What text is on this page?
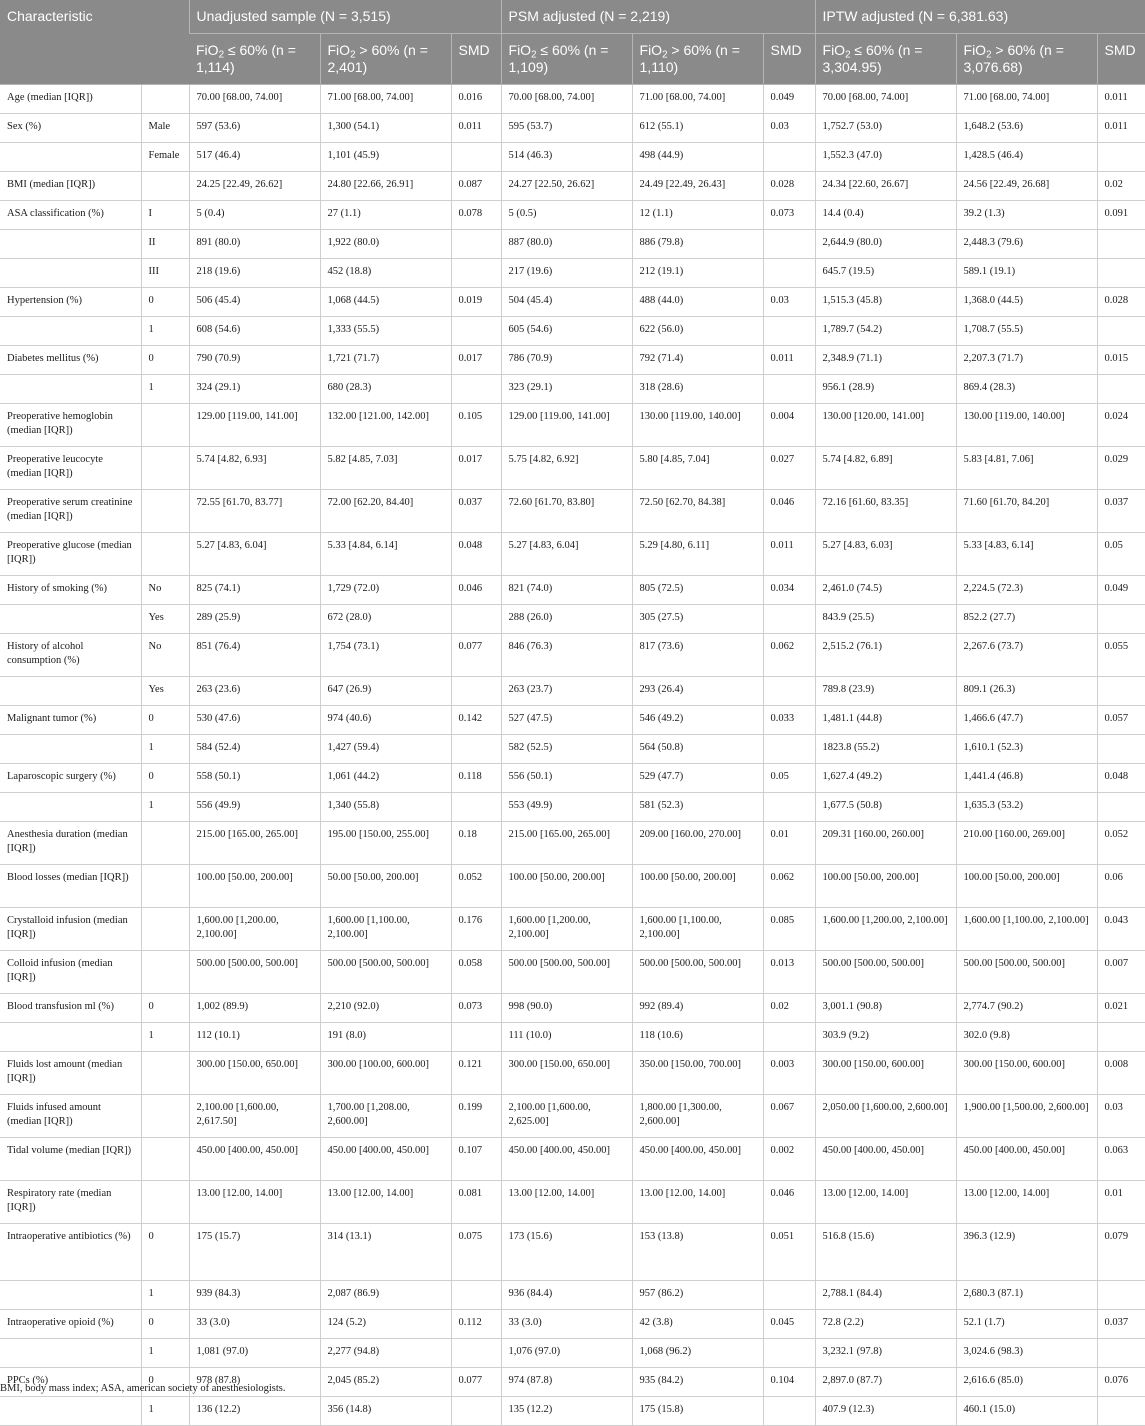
Characteristic		Unadjusted sample (N = 3,515)			PSM adjusted (N = 2,219)			IPTW adjusted (N = 6,381.63)		
		FiO$_2$ ≤ 60% (n = 1,114)	FiO$_2$ > 60% (n = 2,401)	SMD	FiO$_2$ ≤ 60% (n = 1,109)	FiO$_2$ > 60% (n = 1,110)	SMD	FiO$_2$ ≤ 60% (n = 3,304.95)	FiO$_2$ > 60% (n = 3,076.68)	SMD
Age (median [IQR])		70.00 [68.00, 74.00]	71.00 [68.00, 74.00]	0.016	70.00 [68.00, 74.00]	71.00 [68.00, 74.00]	0.049	70.00 [68.00, 74.00]	71.00 [68.00, 74.00]	0.011
Sex (%)	Male	597 (53.6)	1,300 (54.1)	0.011	595 (53.7)	612 (55.1)	0.03	1,752.7 (53.0)	1,648.2 (53.6)	0.011
	Female	517 (46.4)	1,101 (45.9)		514 (46.3)	498 (44.9)		1,552.3 (47.0)	1,428.5 (46.4)	
BMI (median [IQR])		24.25 [22.49, 26.62]	24.80 [22.66, 26.91]	0.087	24.27 [22.50, 26.62]	24.49 [22.49, 26.43]	0.028	24.34 [22.60, 26.67]	24.56 [22.49, 26.68]	0.02
ASA classification (%)	I	5 (0.4)	27 (1.1)	0.078	5 (0.5)	12 (1.1)	0.073	14.4 (0.4)	39.2 (1.3)	0.091
	II	891 (80.0)	1,922 (80.0)		887 (80.0)	886 (79.8)		2,644.9 (80.0)	2,448.3 (79.6)	
	III	218 (19.6)	452 (18.8)		217 (19.6)	212 (19.1)		645.7 (19.5)	589.1 (19.1)	
Hypertension (%)	0	506 (45.4)	1,068 (44.5)	0.019	504 (45.4)	488 (44.0)	0.03	1,515.3 (45.8)	1,368.0 (44.5)	0.028
	1	608 (54.6)	1,333 (55.5)		605 (54.6)	622 (56.0)		1,789.7 (54.2)	1,708.7 (55.5)	
Diabetes mellitus (%)	0	790 (70.9)	1,721 (71.7)	0.017	786 (70.9)	792 (71.4)	0.011	2,348.9 (71.1)	2,207.3 (71.7)	0.015
	1	324 (29.1)	680 (28.3)		323 (29.1)	318 (28.6)		956.1 (28.9)	869.4 (28.3)	
Preoperative hemoglobin (median [IQR])		129.00 [119.00, 141.00]	132.00 [121.00, 142.00]	0.105	129.00 [119.00, 141.00]	130.00 [119.00, 140.00]	0.004	130.00 [120.00, 141.00]	130.00 [119.00, 140.00]	0.024
Preoperative leucocyte (median [IQR])		5.74 [4.82, 6.93]	5.82 [4.85, 7.03]	0.017	5.75 [4.82, 6.92]	5.80 [4.85, 7.04]	0.027	5.74 [4.82, 6.89]	5.83 [4.81, 7.06]	0.029
Preoperative serum creatinine (median [IQR])		72.55 [61.70, 83.77]	72.00 [62.20, 84.40]	0.037	72.60 [61.70, 83.80]	72.50 [62.70, 84.38]	0.046	72.16 [61.60, 83.35]	71.60 [61.70, 84.20]	0.037
Preoperative glucose (median [IQR])		5.27 [4.83, 6.04]	5.33 [4.84, 6.14]	0.048	5.27 [4.83, 6.04]	5.29 [4.80, 6.11]	0.011	5.27 [4.83, 6.03]	5.33 [4.83, 6.14]	0.05
History of smoking (%)	No	825 (74.1)	1,729 (72.0)	0.046	821 (74.0)	805 (72.5)	0.034	2,461.0 (74.5)	2,224.5 (72.3)	0.049
	Yes	289 (25.9)	672 (28.0)		288 (26.0)	305 (27.5)		843.9 (25.5)	852.2 (27.7)	
History of alcohol consumption (%)	No	851 (76.4)	1,754 (73.1)	0.077	846 (76.3)	817 (73.6)	0.062	2,515.2 (76.1)	2,267.6 (73.7)	0.055
	Yes	263 (23.6)	647 (26.9)		263 (23.7)	293 (26.4)		789.8 (23.9)	809.1 (26.3)	
Malignant tumor (%)	0	530 (47.6)	974 (40.6)	0.142	527 (47.5)	546 (49.2)	0.033	1,481.1 (44.8)	1,466.6 (47.7)	0.057
	1	584 (52.4)	1,427 (59.4)		582 (52.5)	564 (50.8)		1823.8 (55.2)	1,610.1 (52.3)	
Laparoscopic surgery (%)	0	558 (50.1)	1,061 (44.2)	0.118	556 (50.1)	529 (47.7)	0.05	1,627.4 (49.2)	1,441.4 (46.8)	0.048
	1	556 (49.9)	1,340 (55.8)		553 (49.9)	581 (52.3)		1,677.5 (50.8)	1,635.3 (53.2)	
Anesthesia duration (median [IQR])		215.00 [165.00, 265.00]	195.00 [150.00, 255.00]	0.18	215.00 [165.00, 265.00]	209.00 [160.00, 270.00]	0.01	209.31 [160.00, 260.00]	210.00 [160.00, 269.00]	0.052
Blood losses (median [IQR])		100.00 [50.00, 200.00]	50.00 [50.00, 200.00]	0.052	100.00 [50.00, 200.00]	100.00 [50.00, 200.00]	0.062	100.00 [50.00, 200.00]	100.00 [50.00, 200.00]	0.06
Crystalloid infusion (median [IQR])		1,600.00 [1,200.00, 2,100.00]	1,600.00 [1,100.00, 2,100.00]	0.176	1,600.00 [1,200.00, 2,100.00]	1,600.00 [1,100.00, 2,100.00]	0.085	1,600.00 [1,200.00, 2,100.00]	1,600.00 [1,100.00, 2,100.00]	0.043
Colloid infusion (median [IQR])		500.00 [500.00, 500.00]	500.00 [500.00, 500.00]	0.058	500.00 [500.00, 500.00]	500.00 [500.00, 500.00]	0.013	500.00 [500.00, 500.00]	500.00 [500.00, 500.00]	0.007
Blood transfusion ml (%)	0	1,002 (89.9)	2,210 (92.0)	0.073	998 (90.0)	992 (89.4)	0.02	3,001.1 (90.8)	2,774.7 (90.2)	0.021
	1	112 (10.1)	191 (8.0)		111 (10.0)	118 (10.6)		303.9 (9.2)	302.0 (9.8)	
Fluids lost amount (median [IQR])		300.00 [150.00, 650.00]	300.00 [100.00, 600.00]	0.121	300.00 [150.00, 650.00]	350.00 [150.00, 700.00]	0.003	300.00 [150.00, 600.00]	300.00 [150.00, 600.00]	0.008
Fluids infused amount (median [IQR])		2,100.00 [1,600.00, 2,617.50]	1,700.00 [1,208.00, 2,600.00]	0.199	2,100.00 [1,600.00, 2,625.00]	1,800.00 [1,300.00, 2,600.00]	0.067	2,050.00 [1,600.00, 2,600.00]	1,900.00 [1,500.00, 2,600.00]	0.03
Tidal volume (median [IQR])		450.00 [400.00, 450.00]	450.00 [400.00, 450.00]	0.107	450.00 [400.00, 450.00]	450.00 [400.00, 450.00]	0.002	450.00 [400.00, 450.00]	450.00 [400.00, 450.00]	0.063
Respiratory rate (median [IQR])		13.00 [12.00, 14.00]	13.00 [12.00, 14.00]	0.081	13.00 [12.00, 14.00]	13.00 [12.00, 14.00]	0.046	13.00 [12.00, 14.00]	13.00 [12.00, 14.00]	0.01
Intraoperative antibiotics (%)	0	175 (15.7)	314 (13.1)	0.075	173 (15.6)	153 (13.8)	0.051	516.8 (15.6)	396.3 (12.9)	0.079
	1	939 (84.3)	2,087 (86.9)		936 (84.4)	957 (86.2)		2,788.1 (84.4)	2,680.3 (87.1)	
Intraoperative opioid (%)	0	33 (3.0)	124 (5.2)	0.112	33 (3.0)	42 (3.8)	0.045	72.8 (2.2)	52.1 (1.7)	0.037
	1	1,081 (97.0)	2,277 (94.8)		1,076 (97.0)	1,068 (96.2)		3,232.1 (97.8)	3,024.6 (98.3)	
PPCs (%)	0	978 (87.8)	2,045 (85.2)	0.077	974 (87.8)	935 (84.2)	0.104	2,897.0 (87.7)	2,616.6 (85.0)	0.076
	1	136 (12.2)	356 (14.8)		135 (12.2)	175 (15.8)		407.9 (12.3)	460.1 (15.0)	
BMI, body mass index; ASA, american society of anesthesiologists.
